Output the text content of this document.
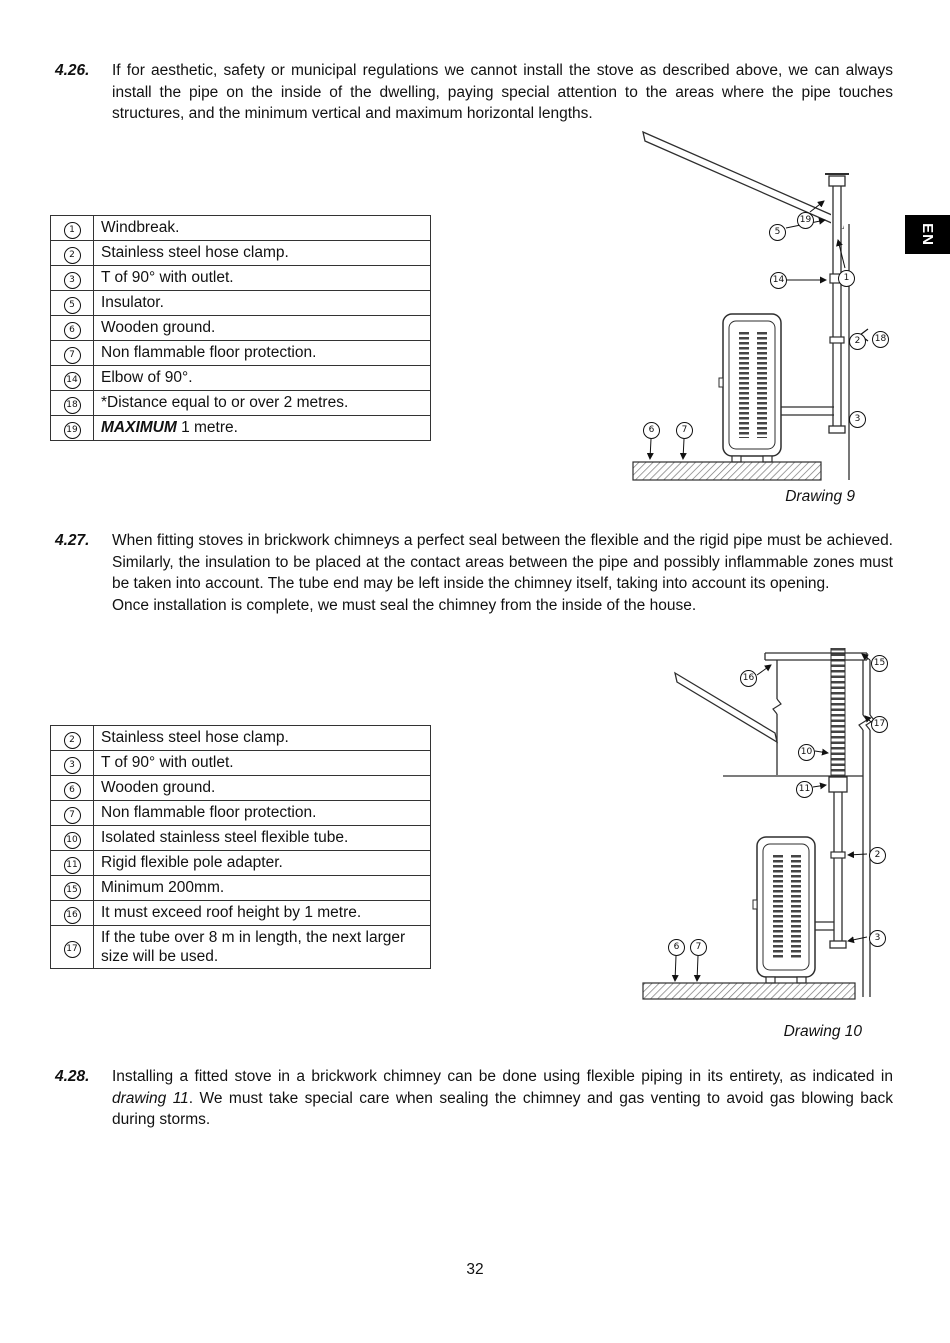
4.26.	If for aesthetic, safety or municipal regulations we cannot install the stove as described above, we can always install the pipe on the inside of the dwelling, paying special attention to the areas where the pipe touches structures, and the minimum vertical and maximum horizontal lengths.

1	Windbreak.
2	Stainless steel hose clamp.
3	T of 90° with outlet.
5	Insulator.
6	Wooden ground.
7	Non flammable floor protection.
14	Elbow of 90°.
18	*Distance equal to or over 2 metres.
19	MAXIMUM 1 metre.
19
5
1
14
2	18
3
6	7
Drawing 9
EN
4.27.	When fitting stoves in brickwork chimneys a perfect seal between the flexible and the rigid pipe must be achieved. Similarly, the insulation to be placed at the contact areas between the pipe and possibly inflammable zones must be taken into account. The tube end may be left inside the chimney itself, taking into account its opening.

Once installation is complete, we must seal the chimney from the inside of the house.

2	Stainless steel hose clamp.
3	T of 90° with outlet.
6	Wooden ground.
7	Non flammable floor protection.
10	Isolated stainless steel flexible tube.
11	Rigid flexible pole adapter.
15	Minimum 200mm.
16	It must exceed roof height by 1 metre.
17	If the tube over 8 m in length, the next larger size will be used.
15
16
17
10
11
2
3
6	7
Drawing 10
4.28.	Installing a fitted stove in a brickwork chimney can be done using flexible piping in its entirety, as indicated in drawing 11. We must take special care when sealing the chimney and gas venting to avoid gas blowing back during storms.

32
